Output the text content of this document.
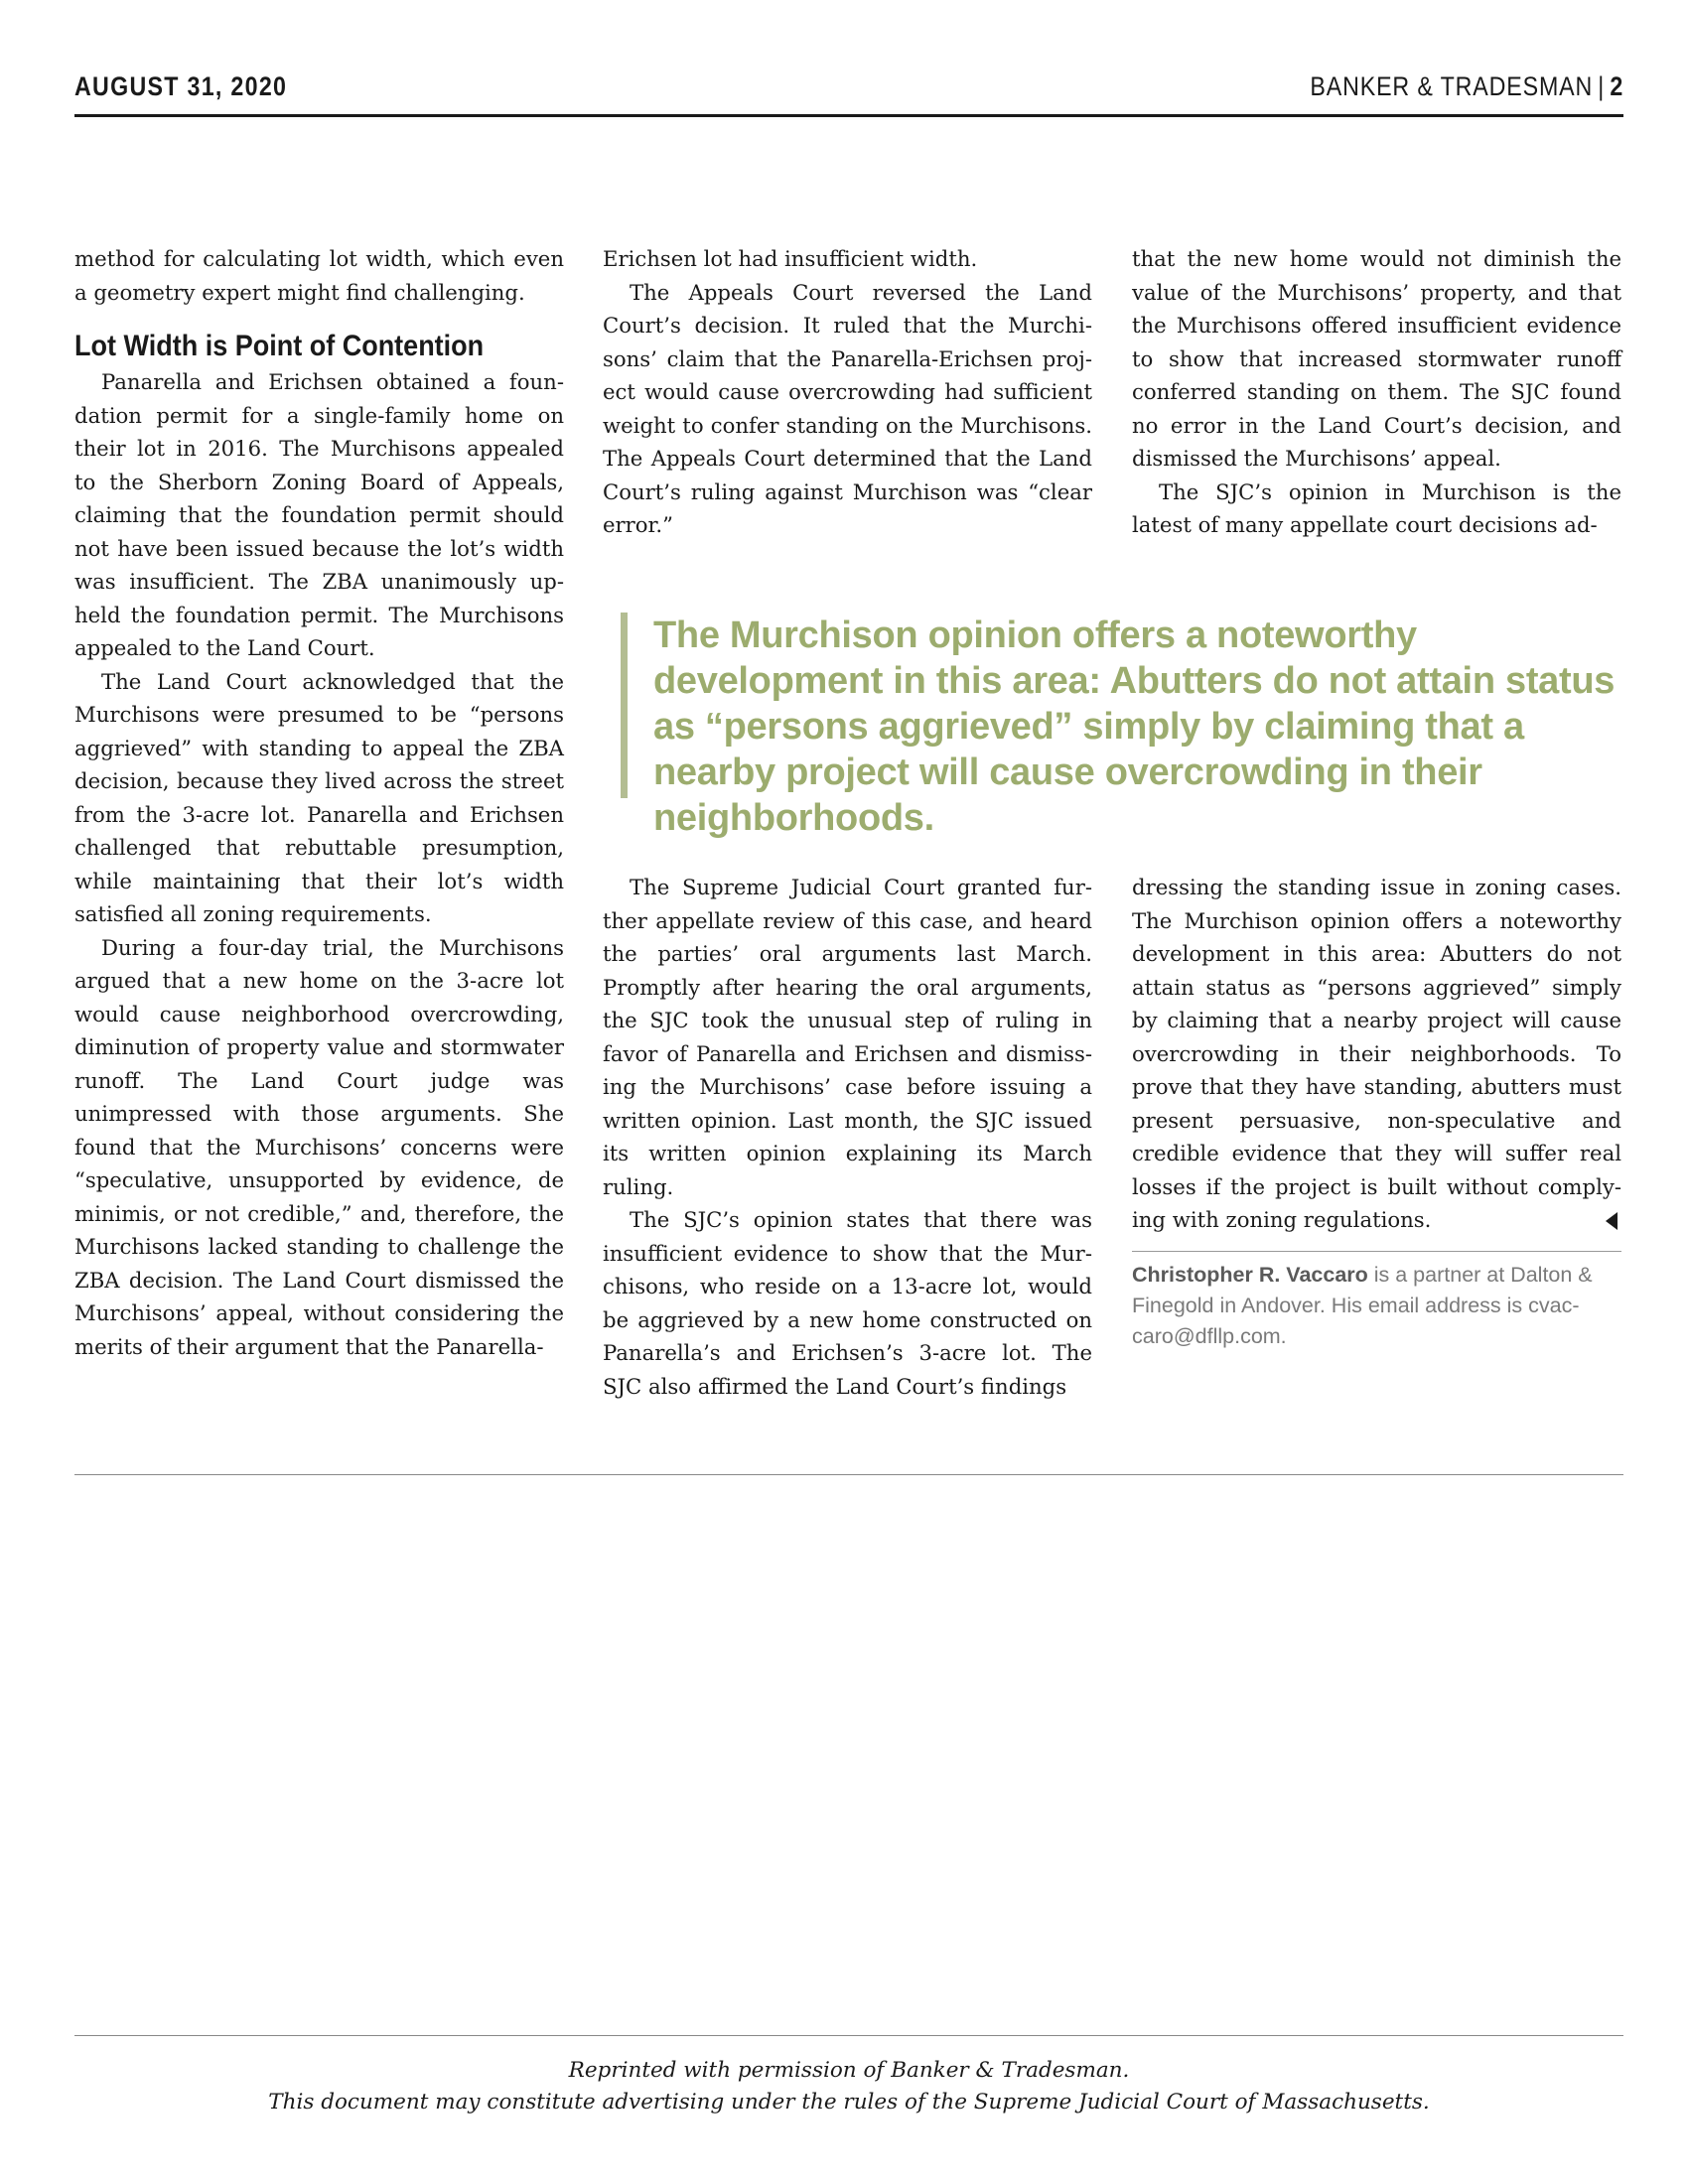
AUGUST 31, 2020	BANKER & TRADESMAN | 2

method for calculating lot width, which even a geometry expert might find challenging.

Lot Width is Point of Contention

Panarella and Erichsen obtained a foundation permit for a single-family home on their lot in 2016. The Murchisons appealed to the Sherborn Zoning Board of Appeals, claiming that the foundation permit should not have been issued because the lot’s width was insufficient. The ZBA unanimously upheld the foundation permit. The Murchisons appealed to the Land Court.

The Land Court acknowledged that the Murchisons were presumed to be “persons aggrieved” with standing to appeal the ZBA decision, because they lived across the street from the 3-acre lot. Panarella and Erichsen challenged that rebuttable presumption, while maintaining that their lot’s width satisfied all zoning requirements.

During a four-day trial, the Murchisons argued that a new home on the 3-acre lot would cause neighborhood overcrowding, diminution of property value and stormwater runoff. The Land Court judge was unimpressed with those arguments. She found that the Murchisons’ concerns were “speculative, unsupported by evidence, de minimis, or not credible,” and, therefore, the Murchisons lacked standing to challenge the ZBA decision. The Land Court dismissed the Murchisons’ appeal, without considering the merits of their argument that the Panarella-

Erichsen lot had insufficient width.

The Appeals Court reversed the Land Court’s decision. It ruled that the Murchisons’ claim that the Panarella-Erichsen project would cause overcrowding had sufficient weight to confer standing on the Murchisons. The Appeals Court determined that the Land Court’s ruling against Murchison was “clear error.”

that the new home would not diminish the value of the Murchisons’ property, and that the Murchisons offered insufficient evidence to show that increased stormwater runoff conferred standing on them. The SJC found no error in the Land Court’s decision, and dismissed the Murchisons’ appeal.

The SJC’s opinion in Murchison is the latest of many appellate court decisions ad-

The Murchison opinion offers a noteworthy development in this area: Abutters do not attain status as “persons aggrieved” simply by claiming that a nearby project will cause overcrowding in their neighborhoods.

The Supreme Judicial Court granted further appellate review of this case, and heard the parties’ oral arguments last March. Promptly after hearing the oral arguments, the SJC took the unusual step of ruling in favor of Panarella and Erichsen and dismissing the Murchisons’ case before issuing a written opinion. Last month, the SJC issued its written opinion explaining its March ruling.

The SJC’s opinion states that there was insufficient evidence to show that the Murchisons, who reside on a 13-acre lot, would be aggrieved by a new home constructed on Panarella’s and Erichsen’s 3-acre lot. The SJC also affirmed the Land Court’s findings

dressing the standing issue in zoning cases. The Murchison opinion offers a noteworthy development in this area: Abutters do not attain status as “persons aggrieved” simply by claiming that a nearby project will cause overcrowding in their neighborhoods. To prove that they have standing, abutters must present persuasive, non-speculative and credible evidence that they will suffer real losses if the project is built without complying with zoning regulations.

Christopher R. Vaccaro is a partner at Dalton & Finegold in Andover. His email address is cvaccaro@dfllp.com.
Reprinted with permission of Banker & Tradesman.
This document may constitute advertising under the rules of the Supreme Judicial Court of Massachusetts.
